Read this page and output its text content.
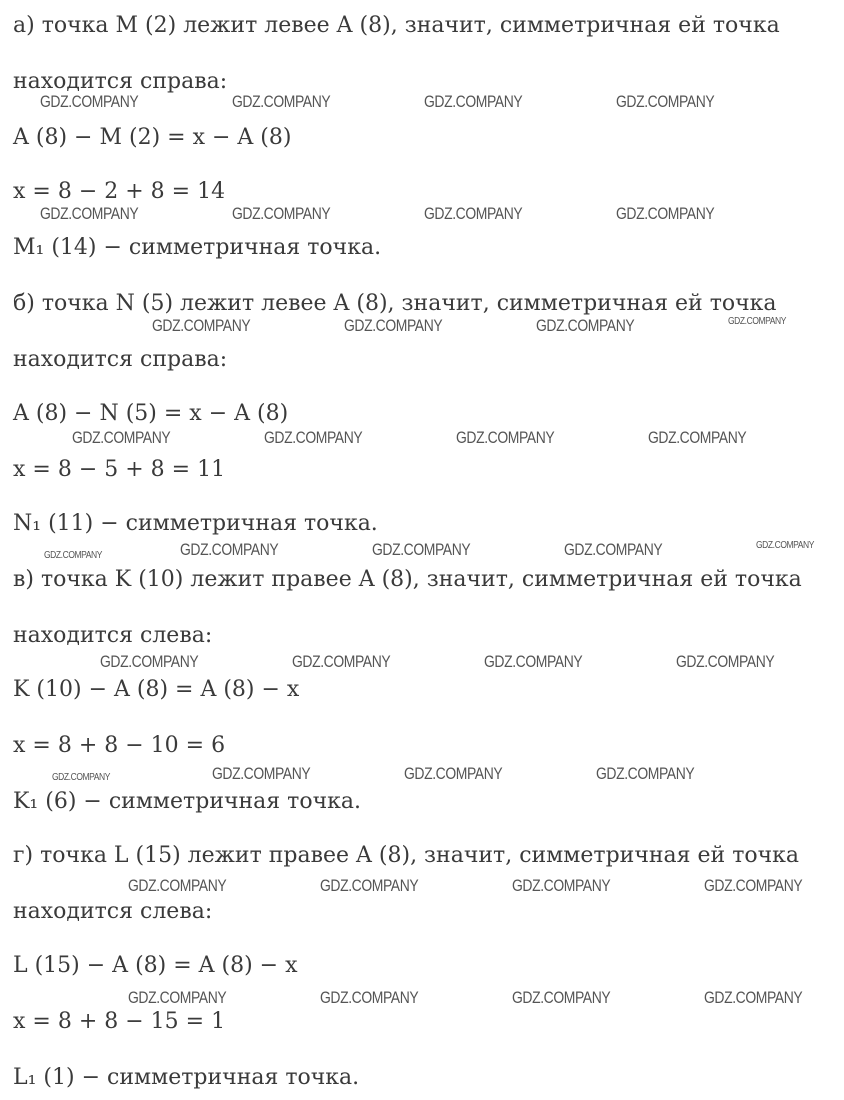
а) точка M (2) лежит левее A (8), значит, симметричная ей точка
находится справа:
A (8) − M (2) = x − A (8)
x = 8 − 2 + 8 = 14
M₁ (14) − симметричная точка.
б) точка N (5) лежит левее A (8), значит, симметричная ей точка
находится справа:
A (8) − N (5) = x − A (8)
x = 8 − 5 + 8 = 11
N₁ (11) − симметричная точка.
в) точка K (10) лежит правее A (8), значит, симметричная ей точка
находится слева:
K (10) − A (8) = A (8) − x
x = 8 + 8 − 10 = 6
K₁ (6) − симметричная точка.
г) точка L (15) лежит правее A (8), значит, симметричная ей точка
находится слева:
L (15) − A (8) = A (8) − x
x = 8 + 8 − 15 = 1
L₁ (1) − симметричная точка.
GDZ.COMPANY	GDZ.COMPANY	GDZ.COMPANY	GDZ.COMPANY
GDZ.COMPANY	GDZ.COMPANY	GDZ.COMPANY	GDZ.COMPANY
GDZ.COMPANY	GDZ.COMPANY	GDZ.COMPANY	GDZ.COMPANY
GDZ.COMPANY	GDZ.COMPANY	GDZ.COMPANY	GDZ.COMPANY
GDZ.COMPANY	GDZ.COMPANY	GDZ.COMPANY	GDZ.COMPANY	GDZ.COMPANY
GDZ.COMPANY	GDZ.COMPANY	GDZ.COMPANY	GDZ.COMPANY
GDZ.COMPANY	GDZ.COMPANY	GDZ.COMPANY	GDZ.COMPANY
GDZ.COMPANY	GDZ.COMPANY	GDZ.COMPANY	GDZ.COMPANY
GDZ.COMPANY	GDZ.COMPANY	GDZ.COMPANY	GDZ.COMPANY
